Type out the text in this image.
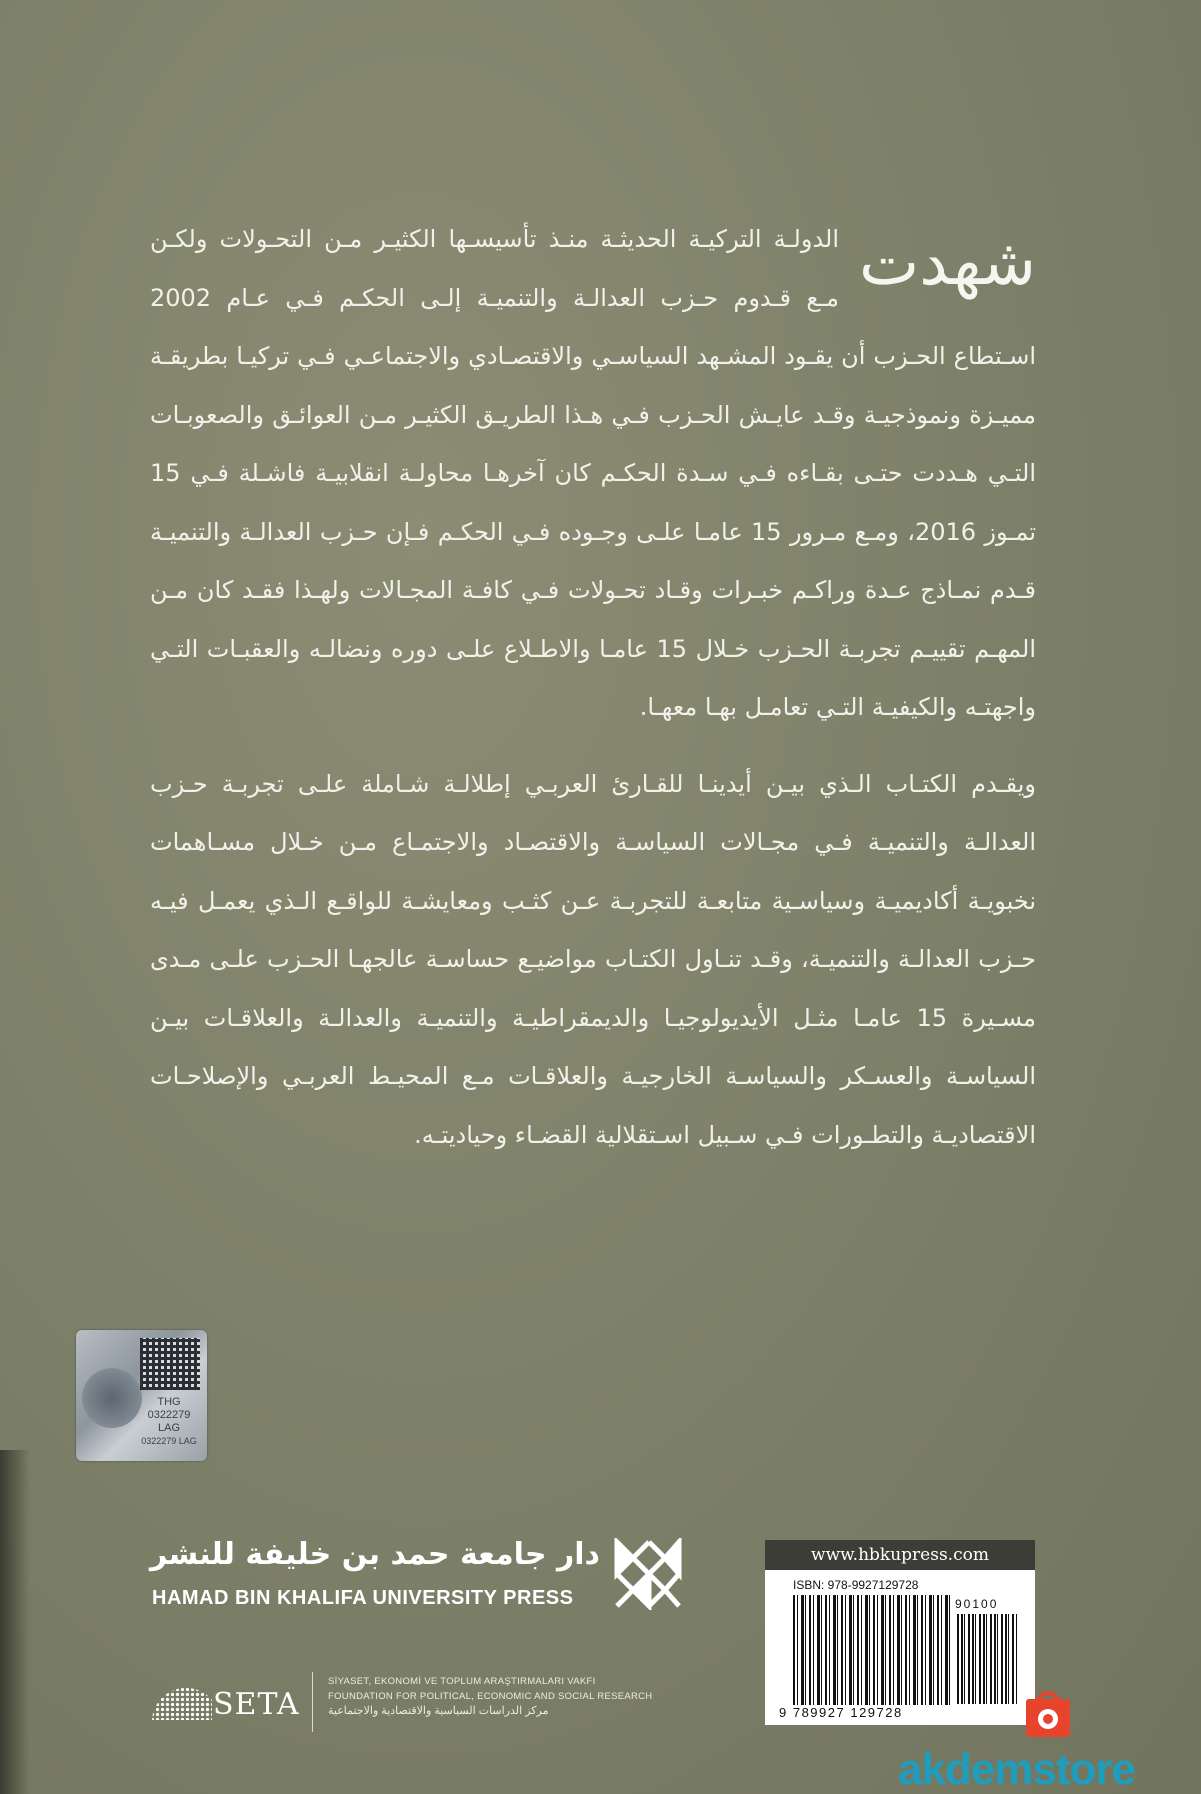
شهدت
الدولـة التركيـة الحديثـة منـذ تأسيسـها الكثيـر مـن التحـولات ولكـن مـع قـدوم حـزب العدالـة والتنميـة إلـى الحكـم فـي عـام 2002 اسـتطاع الحـزب أن يقـود المشـهد السياسـي والاقتصـادي والاجتماعـي فـي تركيـا بطريقـة مميـزة ونموذجيـة وقـد عايـش الحـزب فـي هـذا الطريـق الكثيـر مـن العوائـق والصعوبـات التـي هـددت حتـى بقـاءه فـي سـدة الحكـم كان آخرهـا محاولـة انقلابيـة فاشـلة فـي 15 تمـوز 2016، ومـع مـرور 15 عامـا علـى وجـوده فـي الحكـم فـإن حـزب العدالـة والتنميـة قـدم نمـاذج عـدة وراكـم خبـرات وقـاد تحـولات فـي كافـة المجـالات ولهـذا فقـد كان مـن المهـم تقييـم تجربـة الحـزب خـلال 15 عامـا والاطـلاع علـى دوره ونضالـه والعقبـات التـي واجهتـه والكيفيـة التـي تعامـل بهـا معهـا.
ويقـدم الكتـاب الـذي بيـن أيدينـا للقـارئ العربـي إطلالـة شـاملة علـى تجربـة حـزب العدالـة والتنميـة فـي مجـالات السياسـة والاقتصـاد والاجتمـاع مـن خـلال مسـاهمات نخبويـة أكاديميـة وسياسـية متابعـة للتجربـة عـن كثـب ومعايشـة للواقـع الـذي يعمـل فيـه حـزب العدالـة والتنميـة، وقـد تنـاول الكتـاب مواضيـع حساسـة عالجهـا الحـزب علـى مـدى مسـيرة 15 عامـا مثـل الأيديولوجيـا والديمقراطيـة والتنميـة والعدالـة والعلاقـات بيـن السياسـة والعسـكر والسياسـة الخارجيـة والعلاقـات مـع المحيـط العربـي والإصلاحـات الاقتصاديـة والتطـورات فـي سـبيل اسـتقلالية القضـاء وحياديتـه.
THG
0322279
LAG
0322279 LAG
دار جامعة حمد بن خليفة للنشر
HAMAD BIN KHALIFA UNIVERSITY PRESS
SETA
SİYASET, EKONOMİ VE TOPLUM ARAŞTIRMALARI VAKFI
FOUNDATION FOR POLITICAL, ECONOMIC AND SOCIAL RESEARCH
مركز الدراسات السياسية والاقتصادية والاجتماعية
www.hbkupress.com
ISBN: 978-9927129728
90100
9 789927 129728
akdemstore
